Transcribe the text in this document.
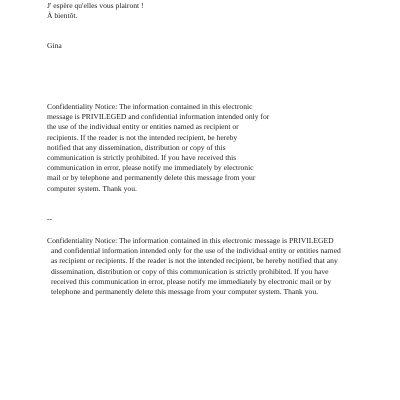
J' espère qu'elles vous plairont !
À bientôt.
Gina
Confidentiality Notice: The information contained in this electronic
message is PRIVILEGED and confidential information intended only for
the use of the individual entity or entities named as recipient or
recipients. If the reader is not the intended recipient, be hereby
notified that any dissemination, distribution or copy of this
communication is strictly prohibited. If you have received this
communication in error, please notify me immediately by electronic
mail or by telephone and permanently delete this message from your
computer system. Thank you.
--
Confidentiality Notice: The information contained in this electronic message is PRIVILEGED
and confidential information intended only for the use of the individual entity or entities named
as recipient or recipients. If the reader is not the intended recipient, be hereby notified that any
dissemination, distribution or copy of this communication is strictly prohibited. If you have
received this communication in error, please notify me immediately by electronic mail or by
telephone and permanently delete this message from your computer system. Thank you.
